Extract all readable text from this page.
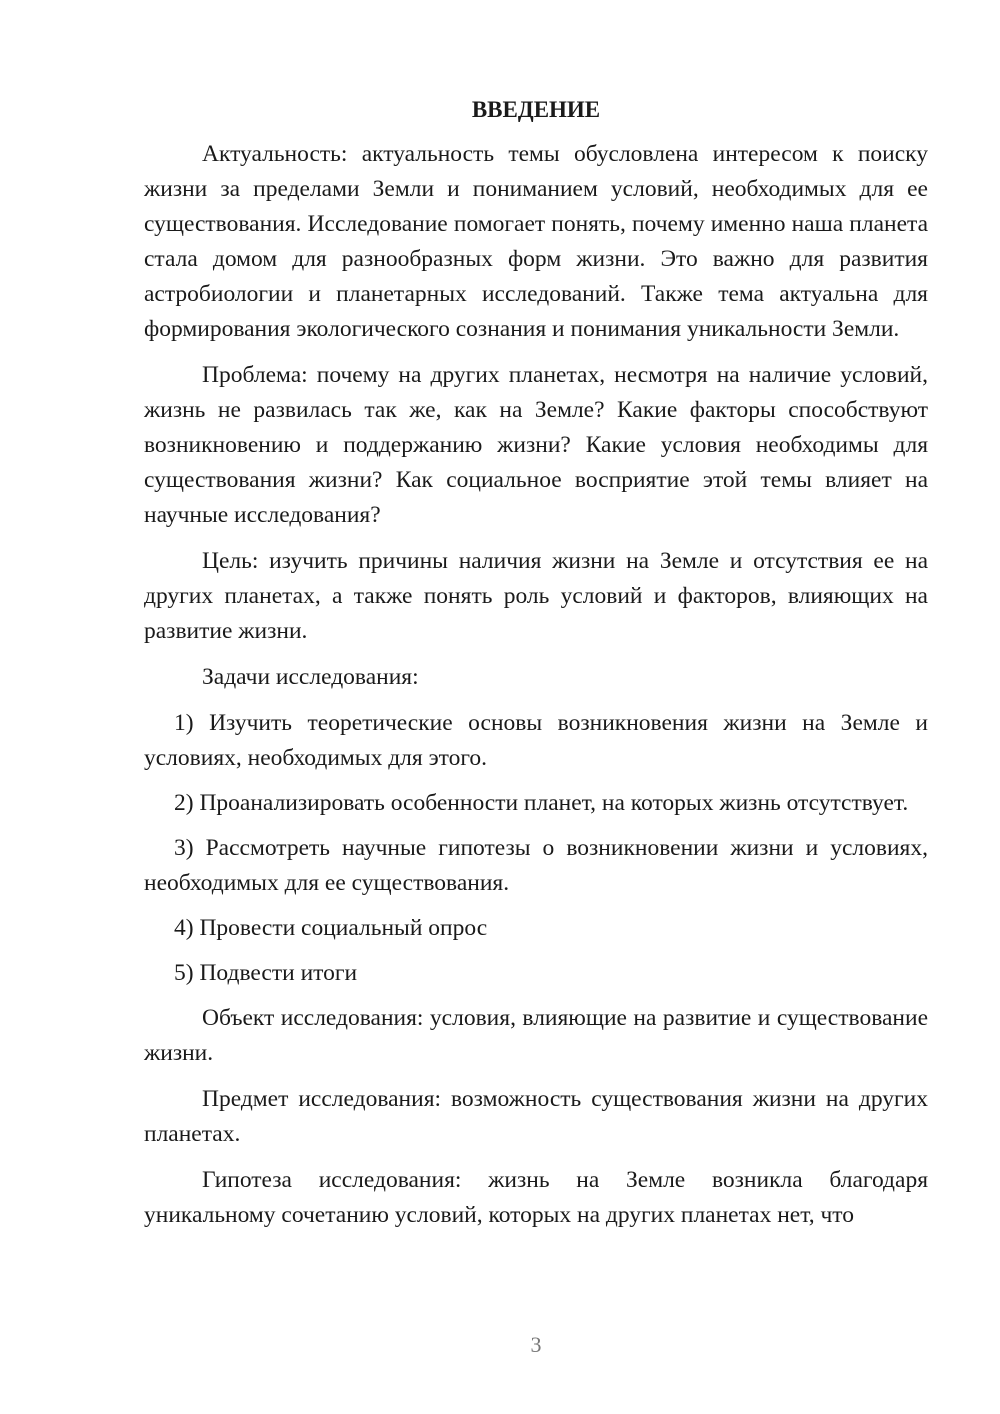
ВВЕДЕНИЕ

Актуальность: актуальность темы обусловлена интересом к поиску жизни за пределами Земли и пониманием условий, необходимых для ее существования. Исследование помогает понять, почему именно наша планета стала домом для разнообразных форм жизни. Это важно для развития астробиологии и планетарных исследований. Также тема актуальна для формирования экологического сознания и понимания уникальности Земли.

Проблема: почему на других планетах, несмотря на наличие условий, жизнь не развилась так же, как на Земле? Какие факторы способствуют возникновению и поддержанию жизни? Какие условия необходимы для существования жизни? Как социальное восприятие этой темы влияет на научные исследования?

Цель: изучить причины наличия жизни на Земле и отсутствия ее на других планетах, а также понять роль условий и факторов, влияющих на развитие жизни.

Задачи исследования:

1) Изучить теоретические основы возникновения жизни на Земле и условиях, необходимых для этого.

2) Проанализировать особенности планет, на которых жизнь отсутствует.

3) Рассмотреть научные гипотезы о возникновении жизни и условиях, необходимых для ее существования.

4) Провести социальный опрос

5) Подвести итоги

Объект исследования: условия, влияющие на развитие и существование жизни.

Предмет исследования: возможность существования жизни на других планетах.

Гипотеза исследования: жизнь на Земле возникла благодаря уникальному сочетанию условий, которых на других планетах нет, что

3
